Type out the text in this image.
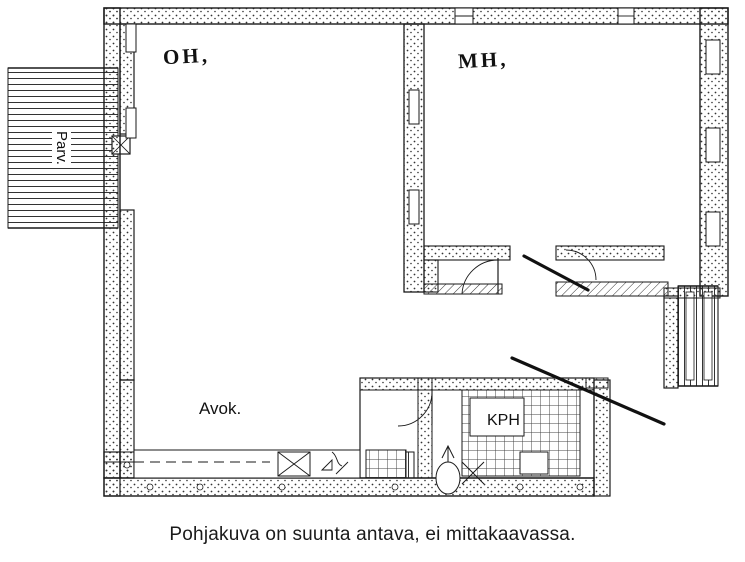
OH,	MH,
Parv.
Avok.
KPH
Pohjakuva on suunta antava, ei mittakaavassa.
